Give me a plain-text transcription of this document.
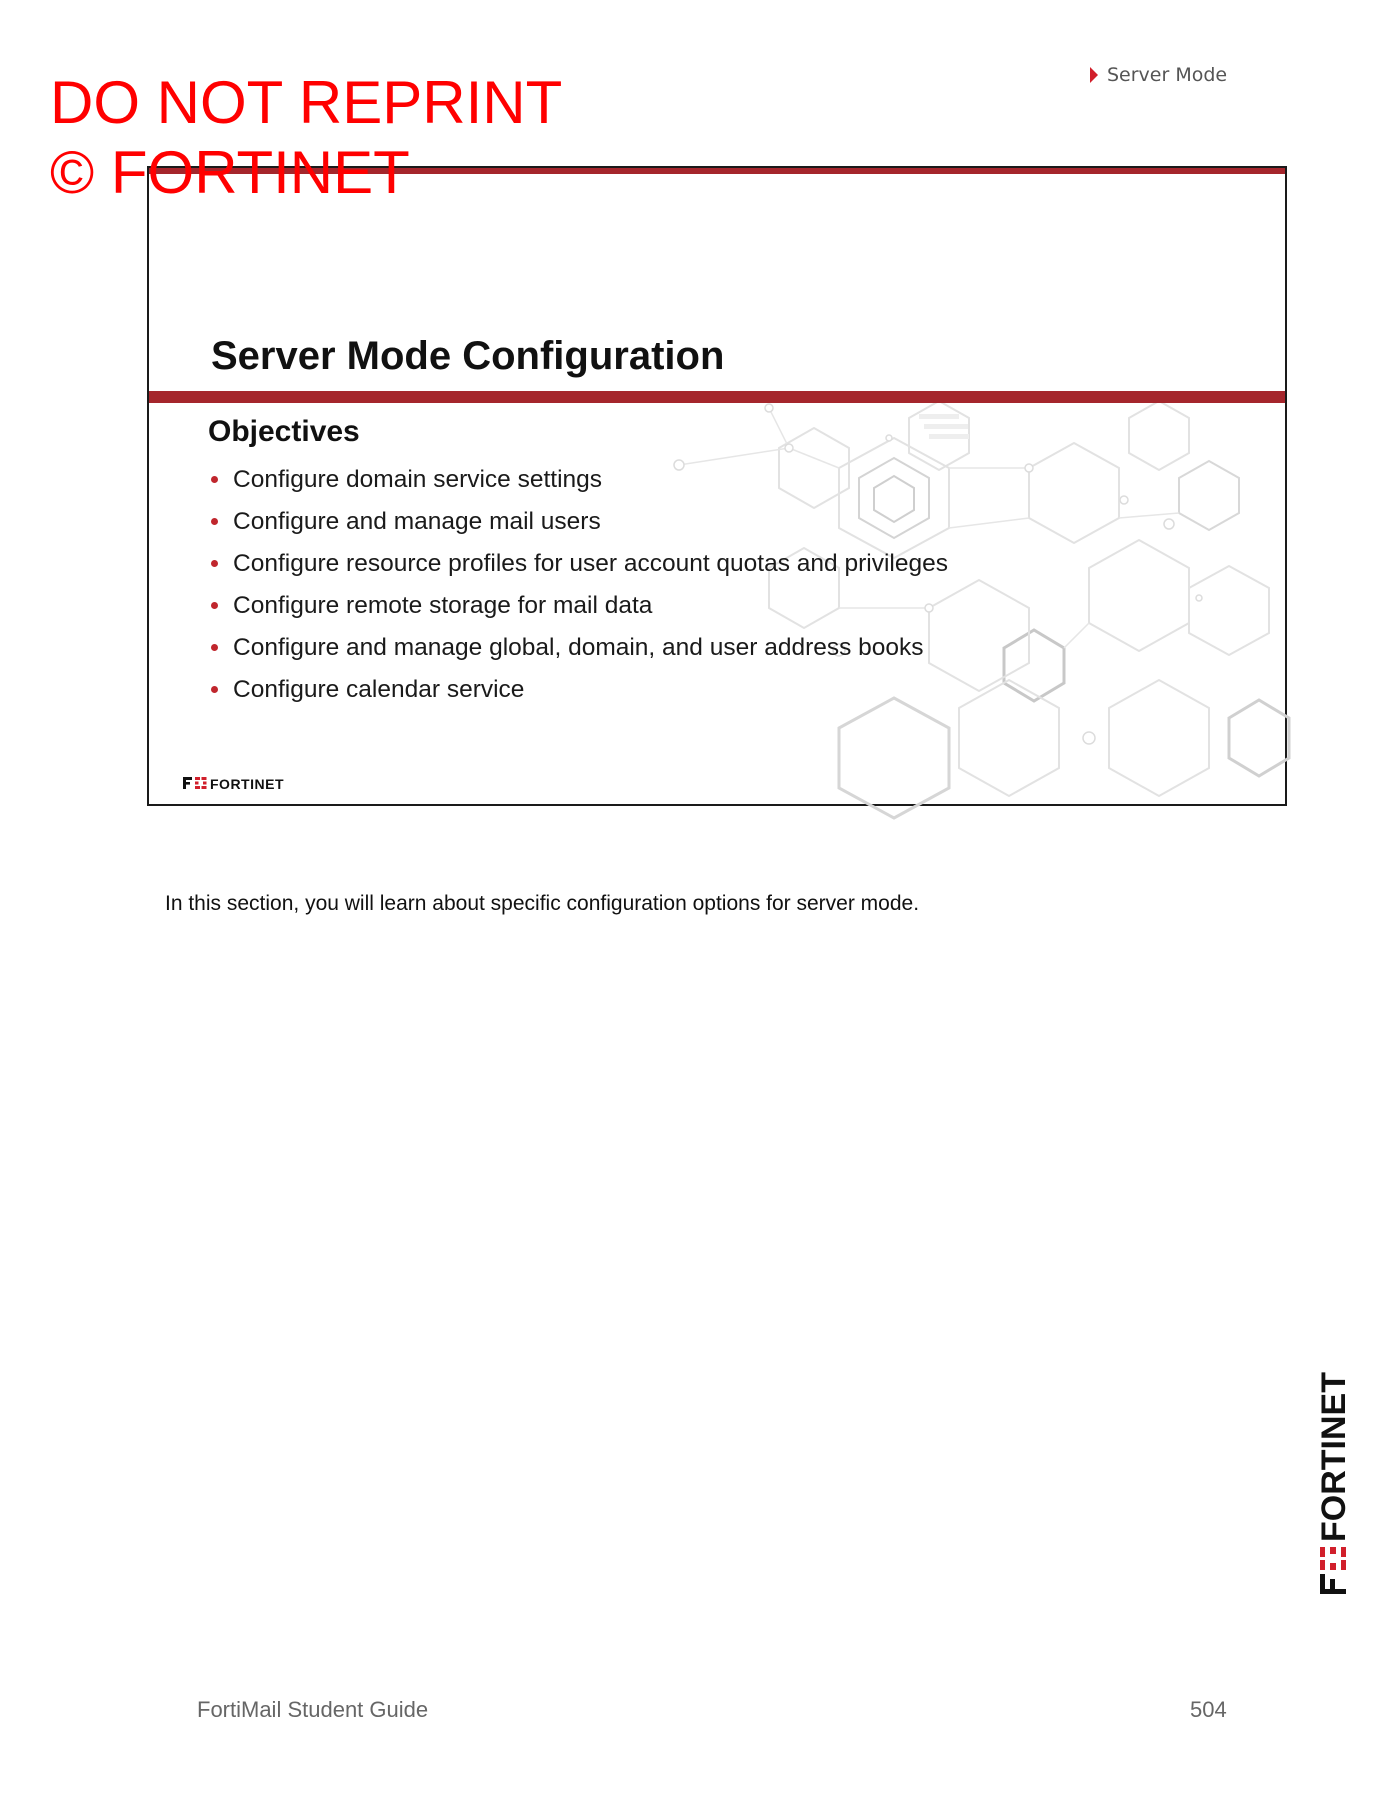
DO NOT REPRINT
© FORTINET
Server Mode
Server Mode Configuration
Objectives
Configure domain service settings
Configure and manage mail users
Configure resource profiles for user account quotas and privileges
Configure remote storage for mail data
Configure and manage global, domain, and user address books
Configure calendar service
FORTINET
In this section, you will learn about specific configuration options for server mode.
FORTINET
FortiMail Student Guide	504
